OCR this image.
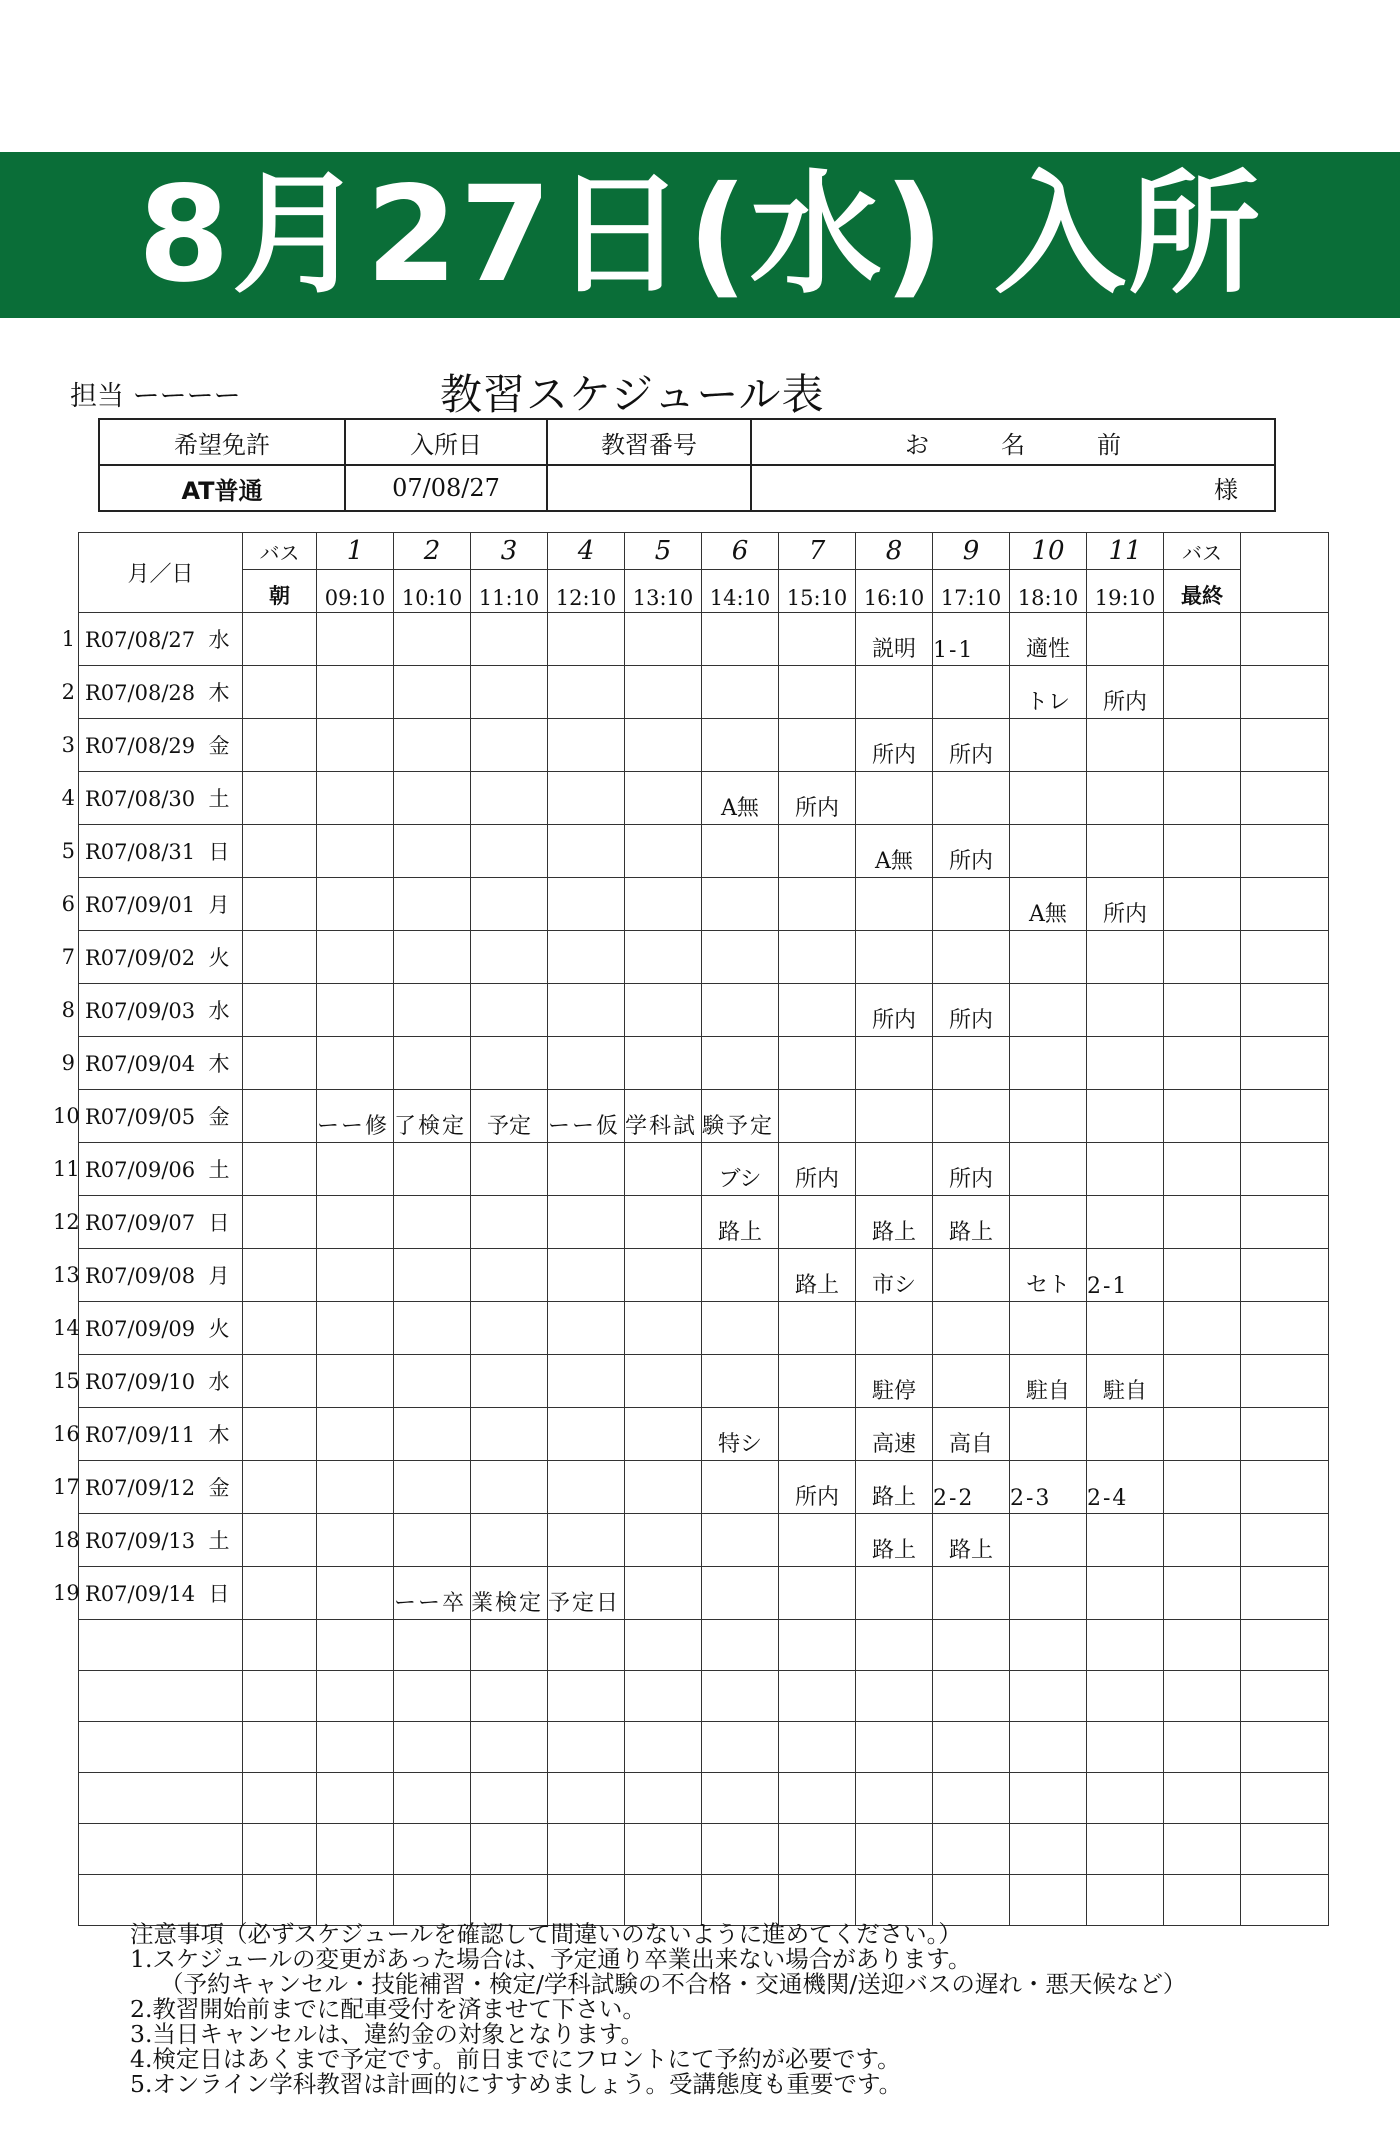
8月27日(水) 入所
担当 ーーーー	教習スケジュール表
希望免許	入所日	教習番号	お　　　名　　　前
AT普通	07/08/27		様
月／日	バス	1	2	3	4	5	6	7	8	9	10	11	バス	
	朝	09:10	10:10	11:10	12:10	13:10	14:10	15:10	16:10	17:10	18:10	19:10	最終	

1 R07/08/27 水									説明	1-1	適性			

2 R07/08/28 木											トレ	所内		

3 R07/08/29 金									所内	所内				

4 R07/08/30 土							A無	所内						

5 R07/08/31 日									A無	所内				

6 R07/09/01 月											A無	所内		

7 R07/09/02 火														

8 R07/09/03 水									所内	所内				

9 R07/09/04 木														

10 R07/09/05 金		ーー修	了検定	予定	ーー仮	学科試	験予定							

11 R07/09/06 土							ブシ	所内		所内				

12 R07/09/07 日							路上		路上	路上				

13 R07/09/08 月								路上	市シ		セト	2-1		

14 R07/09/09 火														

15 R07/09/10 水									駐停		駐自	駐自		

16 R07/09/11 木							特シ		高速	高自				

17 R07/09/12 金								所内	路上	2-2	2-3	2-4		

18 R07/09/13 土									路上	路上				

19 R07/09/14 日			ーー卒	業検定	予定日									

注意事項（必ずスケジュールを確認して間違いのないように進めてください。）
1.スケジュールの変更があった場合は、予定通り卒業出来ない場合があります。
（予約キャンセル・技能補習・検定/学科試験の不合格・交通機関/送迎バスの遅れ・悪天候など）
2.教習開始前までに配車受付を済ませて下さい。
3.当日キャンセルは、違約金の対象となります。
4.検定日はあくまで予定です。前日までにフロントにて予約が必要です。
5.オンライン学科教習は計画的にすすめましょう。受講態度も重要です。
